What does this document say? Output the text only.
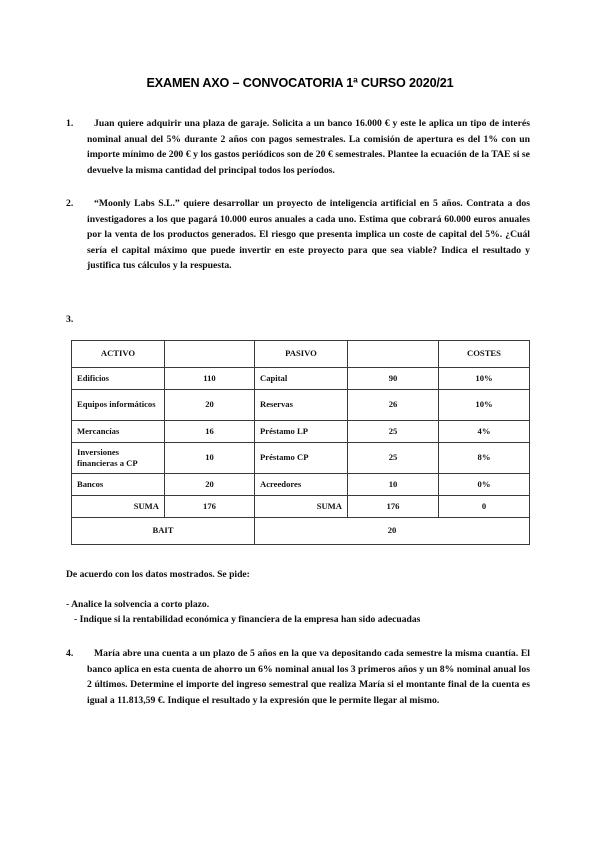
EXAMEN AXO – CONVOCATORIA 1ª CURSO 2020/21
1.	Juan quiere adquirir una plaza de garaje. Solicita a un banco 16.000 € y este le aplica un tipo de interés nominal anual del 5% durante 2 años con pagos semestrales. La comisión de apertura es del 1% con un importe mínimo de 200 € y los gastos periódicos son de 20 € semestrales. Plantee la ecuación de la TAE si se devuelve la misma cantidad del principal todos los períodos.
2.	“Moonly Labs S.L.” quiere desarrollar un proyecto de inteligencia artificial en 5 años. Contrata a dos investigadores a los que pagará 10.000 euros anuales a cada uno. Estima que cobrará 60.000 euros anuales por la venta de los productos generados. El riesgo que presenta implica un coste de capital del 5%. ¿Cuál sería el capital máximo que puede invertir en este proyecto para que sea viable? Indica el resultado y justifica tus cálculos y la respuesta.
3.
ACTIVO		PASIVO		COSTES
Edificios	110	Capital	90	10%
Equipos informáticos	20	Reservas	26	10%
Mercancías	16	Préstamo LP	25	4%
Inversiones financieras a CP	10	Préstamo CP	25	8%
Bancos	20	Acreedores	10	0%
SUMA	176	SUMA	176	0
BAIT		20		
De acuerdo con los datos mostrados. Se pide:
- Analice la solvencia a corto plazo.
- Indique si la rentabilidad económica y financiera de la empresa han sido adecuadas
4.	María abre una cuenta a un plazo de 5 años en la que va depositando cada semestre la misma cuantía. El banco aplica en esta cuenta de ahorro un 6% nominal anual los 3 primeros años y un 8% nominal anual los 2 últimos. Determine el importe del ingreso semestral que realiza María si el montante final de la cuenta es igual a 11.813,59 €. Indique el resultado y la expresión que le permite llegar al mismo.
